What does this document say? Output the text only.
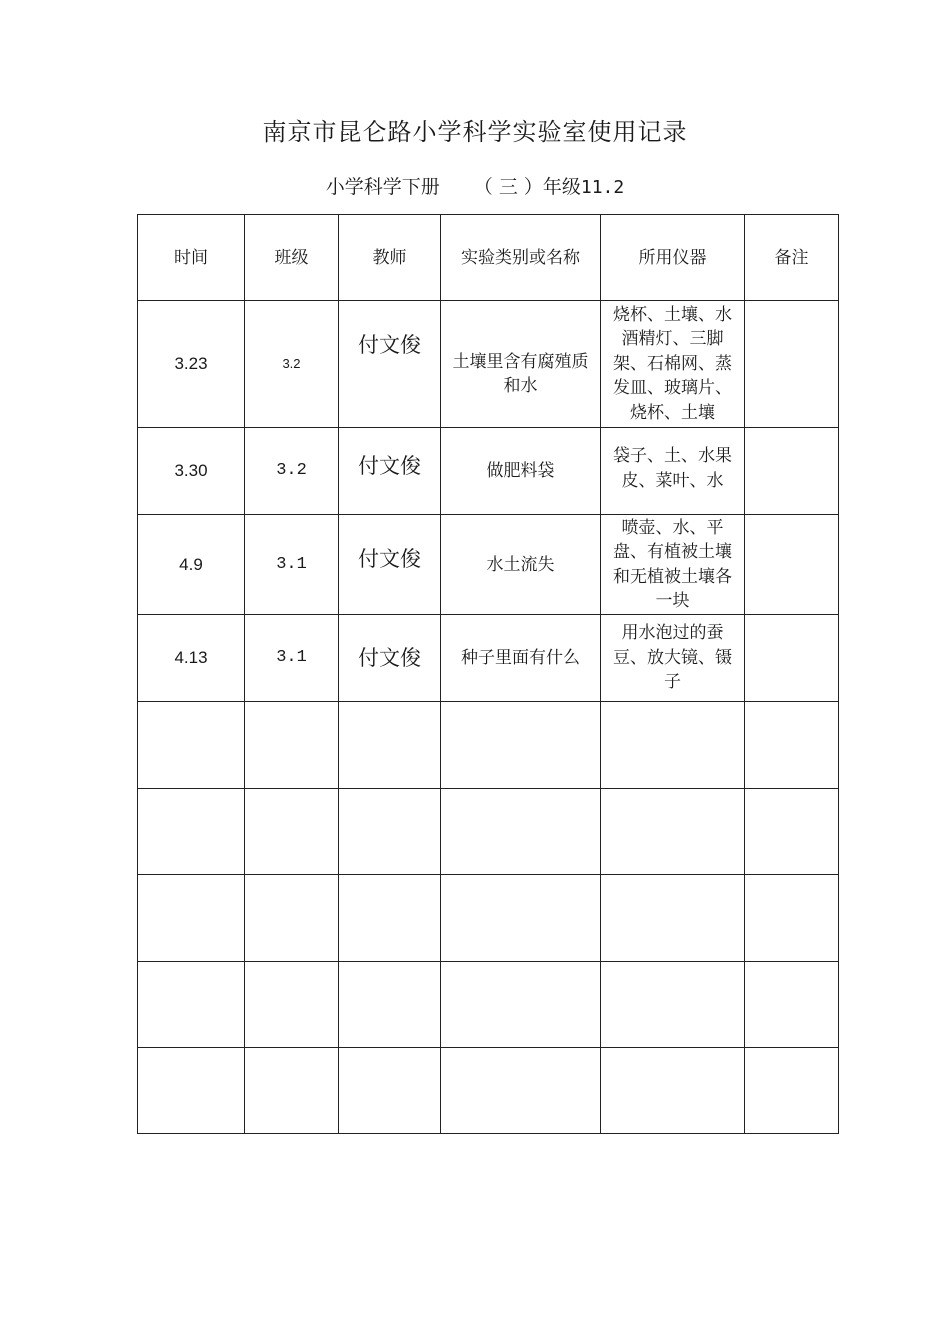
南京市昆仑路小学科学实验室使用记录
小学科学下册 （ 三 ）年级11.2
时间	班级	教师	实验类别或名称	所用仪器	备注
3.23	3.2	付文俊	土壤里含有腐殖质和水	烧杯、土壤、水酒精灯、三脚架、石棉网、蒸发皿、玻璃片、烧杯、土壤	

3.30	3.2	付文俊	做肥料袋	袋子、土、水果皮、菜叶、水	

4.9	3.1	付文俊	水土流失	喷壶、水、平盘、有植被土壤和无植被土壤各一块	

4.13	3.1	付文俊	种子里面有什么	用水泡过的蚕豆、放大镜、镊子	
